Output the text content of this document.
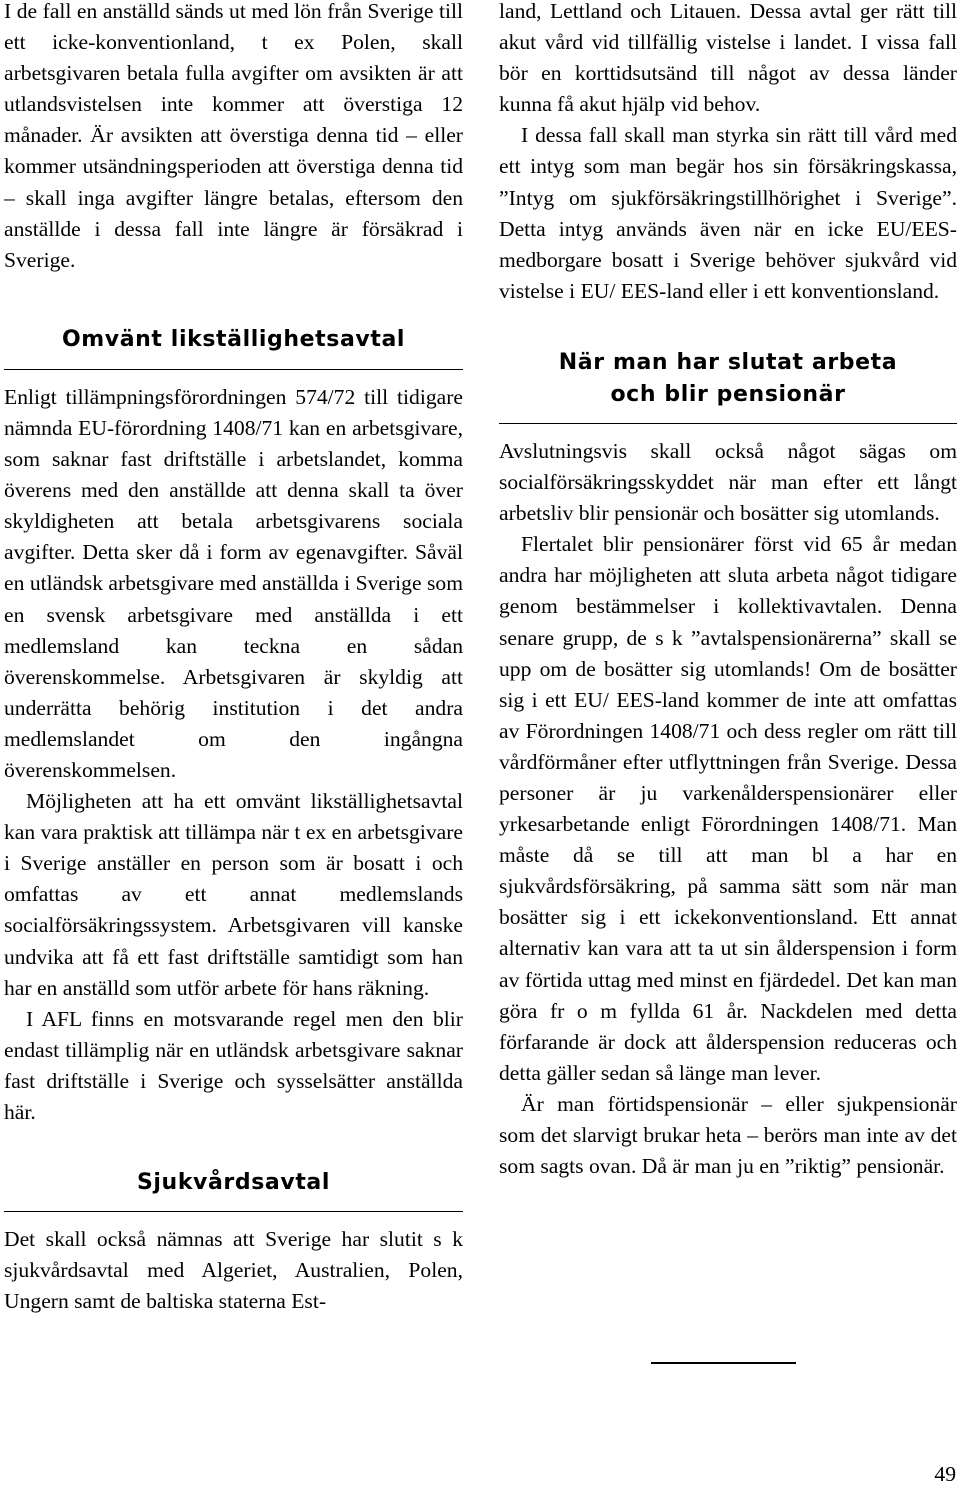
I de fall en anställd sänds ut med lön från Sverige till ett icke-konventionland, t ex Polen, skall arbetsgivaren betala fulla avgifter om avsikten är att utlandsvistelsen inte kommer att överstiga 12 månader. Är avsikten att överstiga denna tid – eller kommer utsändningsperioden att överstiga denna tid – skall inga avgifter längre betalas, eftersom den anställde i dessa fall inte längre är försäkrad i Sverige.

Omvänt likställighetsavtal

Enligt tillämpningsförordningen 574/72 till tidigare nämnda EU-förordning 1408/71 kan en arbetsgivare, som saknar fast driftställe i arbetslandet, komma överens med den anställde att denna skall ta över skyldigheten att betala arbetsgivarens sociala avgifter. Detta sker då i form av egenavgifter. Såväl en utländsk arbetsgivare med anställda i Sverige som en svensk arbetsgivare med anställda i ett medlemsland kan teckna en sådan överenskommelse. Arbetsgivaren är skyldig att underrätta behörig institution i det andra medlemslandet om den ingångna överenskommelsen.

Möjligheten att ha ett omvänt likställighetsavtal kan vara praktisk att tillämpa när t ex en arbetsgivare i Sverige anställer en person som är bosatt i och omfattas av ett annat medlemslands socialförsäkringssystem. Arbetsgivaren vill kanske undvika att få ett fast driftställe samtidigt som han har en anställd som utför arbete för hans räkning.

I AFL finns en motsvarande regel men den blir endast tillämplig när en utländsk arbetsgivare saknar fast driftställe i Sverige och sysselsätter anställda här.

Sjukvårdsavtal

Det skall också nämnas att Sverige har slutit s k sjukvårdsavtal med Algeriet, Australien, Polen, Ungern samt de baltiska staterna Est-

land, Lettland och Litauen. Dessa avtal ger rätt till akut vård vid tillfällig vistelse i landet. I vissa fall bör en korttidsutsänd till något av dessa länder kunna få akut hjälp vid behov.

I dessa fall skall man styrka sin rätt till vård med ett intyg som man begär hos sin försäkringskassa, ”Intyg om sjukförsäkringstillhörighet i Sverige”. Detta intyg används även när en icke EU/EES-medborgare bosatt i Sverige behöver sjukvård vid vistelse i EU/ EES-land eller i ett konventionsland.

När man har slutat arbeta
och blir pensionär

Avslutningsvis skall också något sägas om socialförsäkringsskyddet när man efter ett långt arbetsliv blir pensionär och bosätter sig utomlands.

Flertalet blir pensionärer först vid 65 år medan andra har möjligheten att sluta arbeta något tidigare genom bestämmelser i kollektivavtalen. Denna senare grupp, de s k ”avtalspensionärerna” skall se upp om de bosätter sig utomlands! Om de bosätter sig i ett EU/ EES-land kommer de inte att omfattas av Förordningen 1408/71 och dess regler om rätt till vårdförmåner efter utflyttningen från Sverige. Dessa personer är ju varkenålderspensionärer eller yrkesarbetande enligt Förordningen 1408/71. Man måste då se till att man bl a har en sjukvårdsförsäkring, på samma sätt som när man bosätter sig i ett ickekonventionsland. Ett annat alternativ kan vara att ta ut sin ålderspension i form av förtida uttag med minst en fjärdedel. Det kan man göra fr o m fyllda 61 år. Nackdelen med detta förfarande är dock att ålderspension reduceras och detta gäller sedan så länge man lever.

Är man förtidspensionär – eller sjukpensionär som det slarvigt brukar heta – berörs man inte av det som sagts ovan. Då är man ju en ”riktig” pensionär.

49
